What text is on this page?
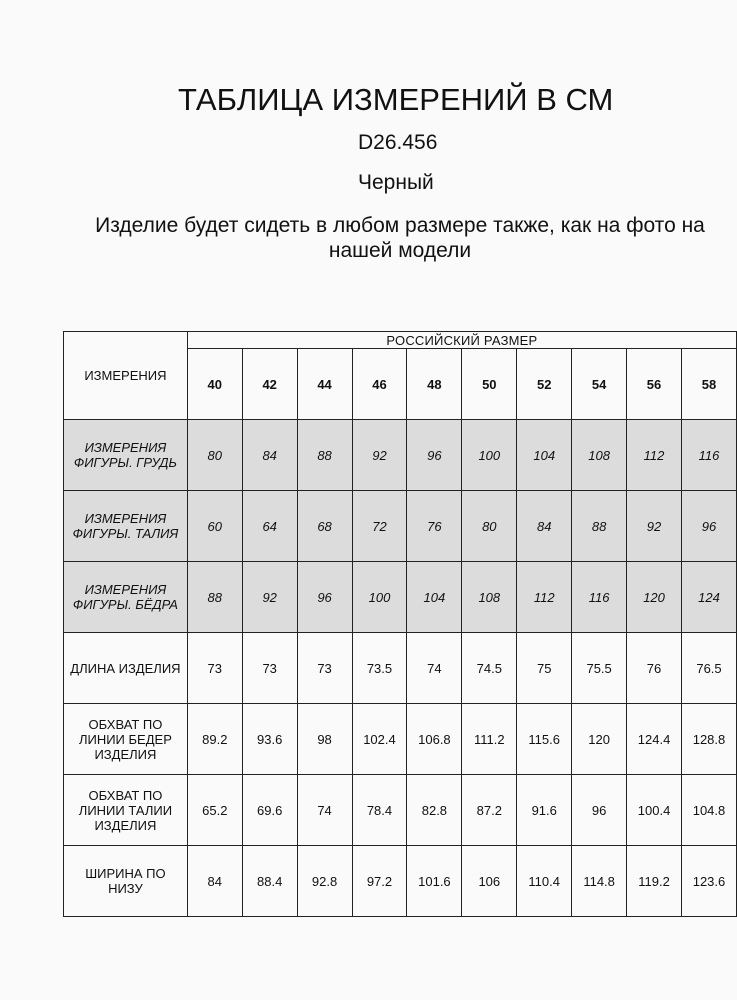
ТАБЛИЦА ИЗМЕРЕНИЙ В СМ
D26.456
Черный
Изделие будет сидеть в любом размере также, как на фото на
нашей модели
ИЗМЕРЕНИЯ	РОССИЙСКИЙ РАЗМЕР									
	40	42	44	46	48	50	52	54	56	58

ИЗМЕРЕНИЯ
ФИГУРЫ. ГРУДЬ	80	84	88	92	96	100	104	108	112	116

ИЗМЕРЕНИЯ
ФИГУРЫ. ТАЛИЯ	60	64	68	72	76	80	84	88	92	96

ИЗМЕРЕНИЯ
ФИГУРЫ. БЁДРА	88	92	96	100	104	108	112	116	120	124

ДЛИНА ИЗДЕЛИЯ	73	73	73	73.5	74	74.5	75	75.5	76	76.5

ОБХВАТ ПО
ЛИНИИ БЕДЕР
ИЗДЕЛИЯ	89.2	93.6	98	102.4	106.8	111.2	115.6	120	124.4	128.8

ОБХВАТ ПО
ЛИНИИ ТАЛИИ
ИЗДЕЛИЯ	65.2	69.6	74	78.4	82.8	87.2	91.6	96	100.4	104.8

ШИРИНА ПО
НИЗУ	84	88.4	92.8	97.2	101.6	106	110.4	114.8	119.2	123.6
